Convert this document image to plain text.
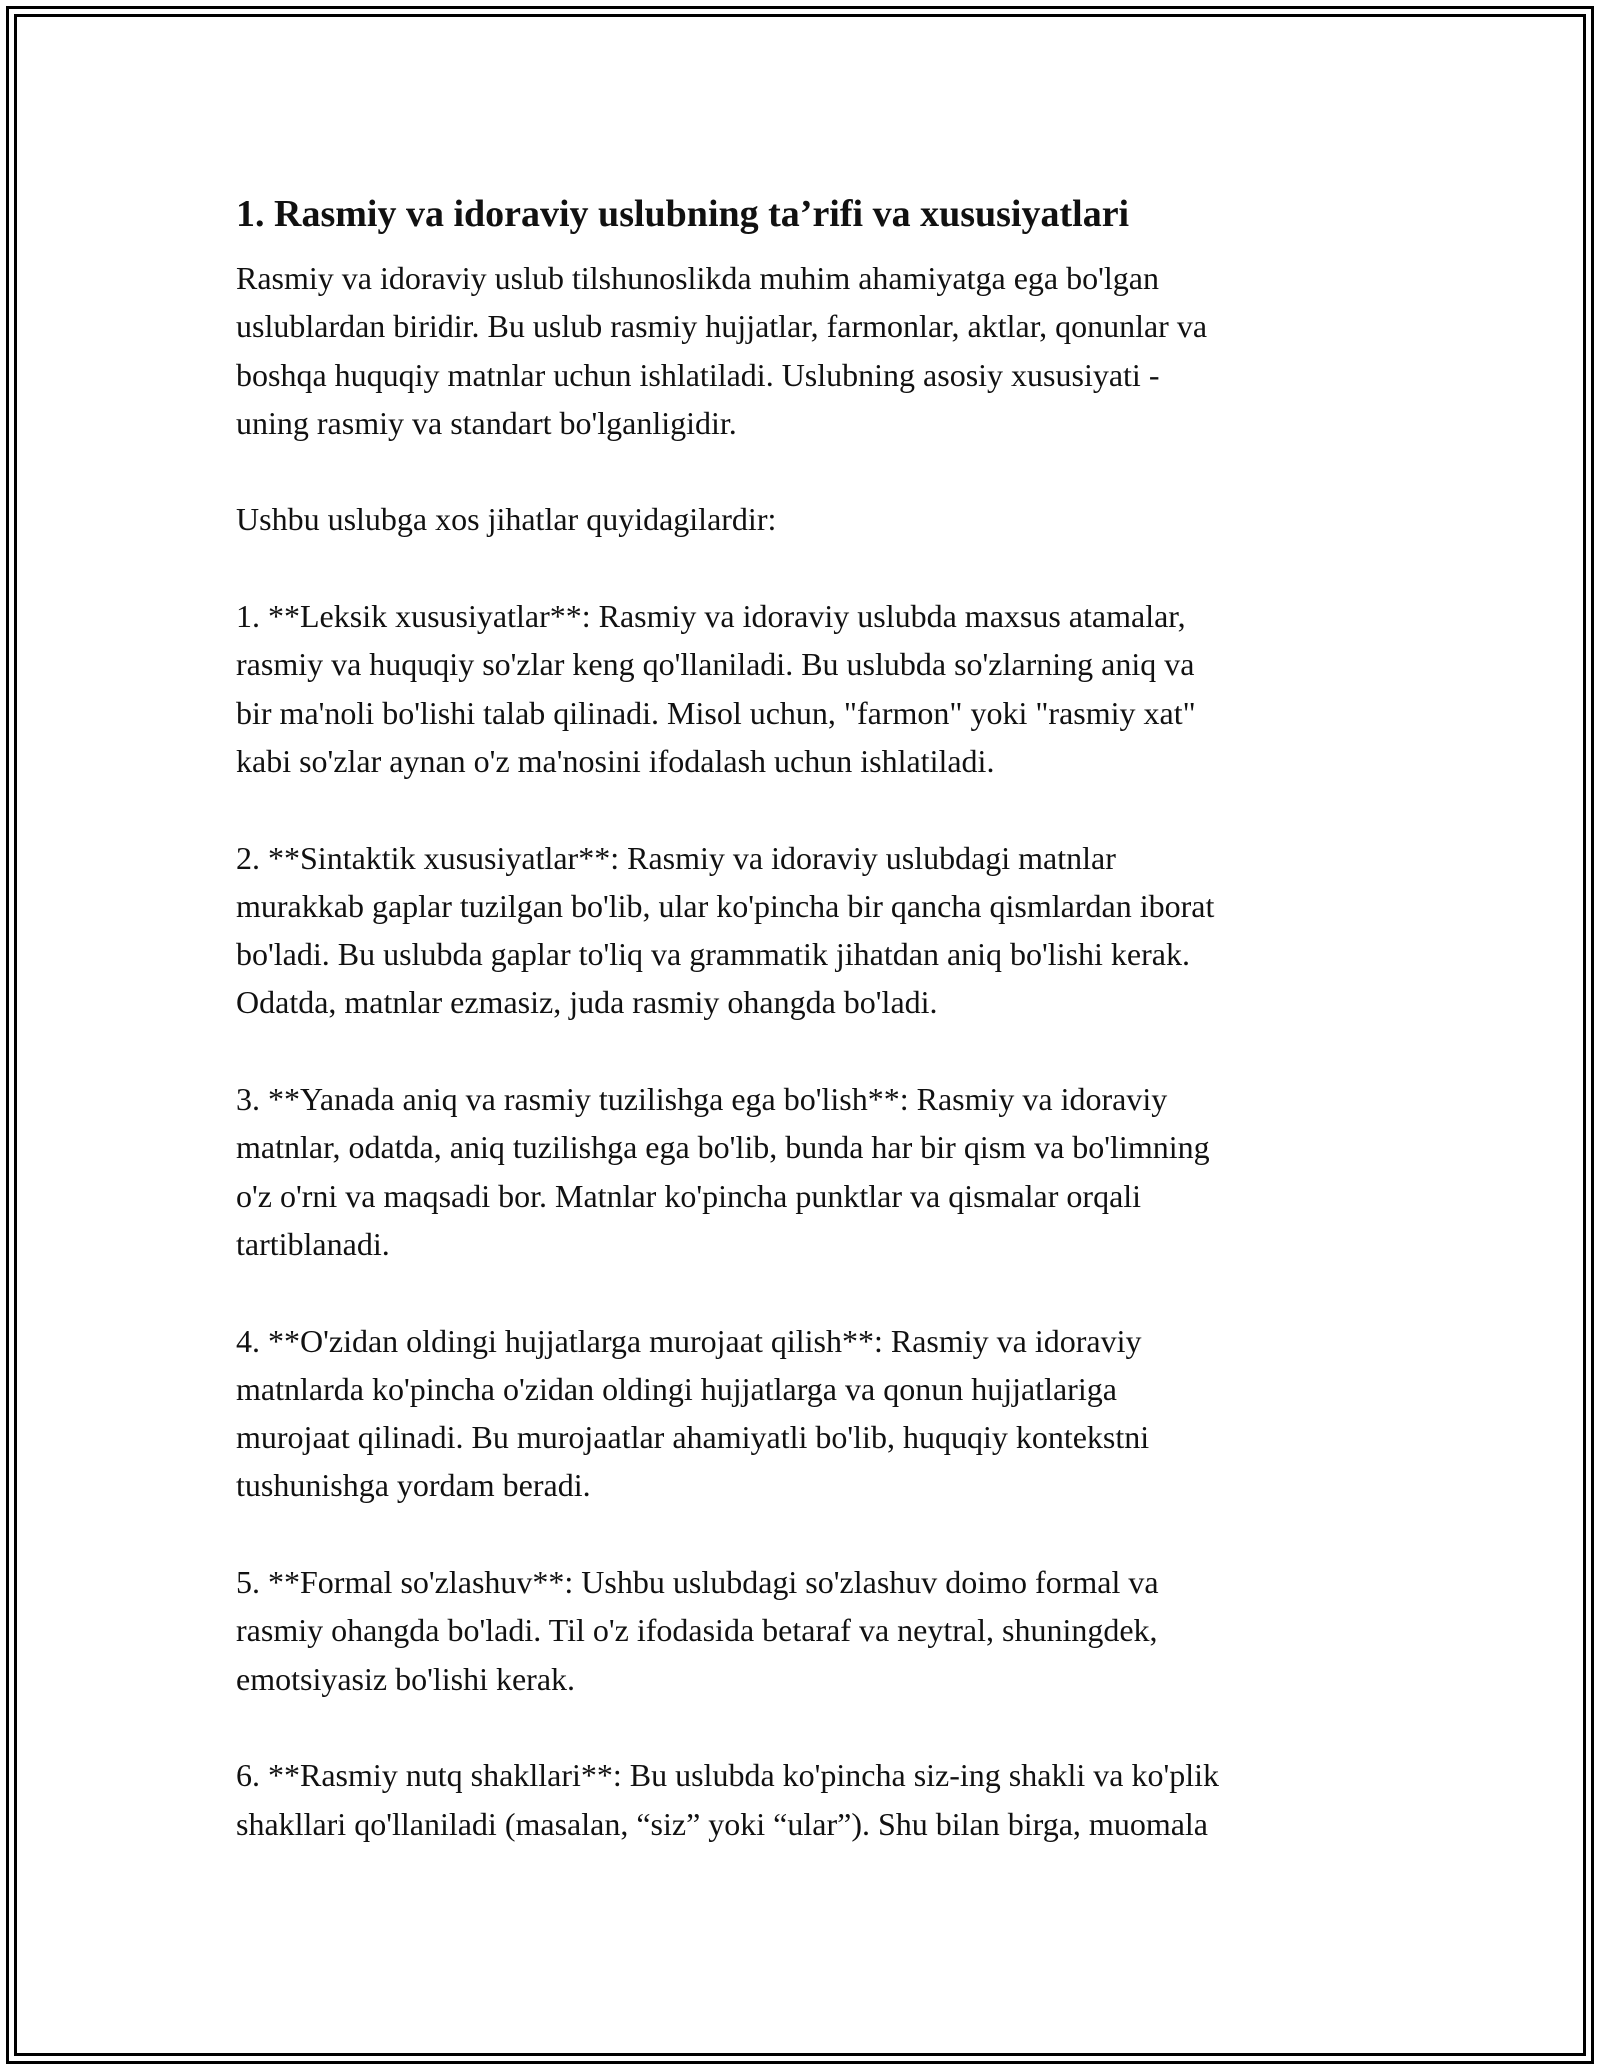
1. Rasmiy va idoraviy uslubning ta’rifi va xususiyatlari
Rasmiy va idoraviy uslub tilshunoslikda muhim ahamiyatga ega bo'lgan
uslublardan biridir. Bu uslub rasmiy hujjatlar, farmonlar, aktlar, qonunlar va
boshqa huquqiy matnlar uchun ishlatiladi. Uslubning asosiy xususiyati -
uning rasmiy va standart bo'lganligidir.
Ushbu uslubga xos jihatlar quyidagilardir:
1. **Leksik xususiyatlar**: Rasmiy va idoraviy uslubda maxsus atamalar,
rasmiy va huquqiy so'zlar keng qo'llaniladi. Bu uslubda so'zlarning aniq va
bir ma'noli bo'lishi talab qilinadi. Misol uchun, "farmon" yoki "rasmiy xat"
kabi so'zlar aynan o'z ma'nosini ifodalash uchun ishlatiladi.
2. **Sintaktik xususiyatlar**: Rasmiy va idoraviy uslubdagi matnlar
murakkab gaplar tuzilgan bo'lib, ular ko'pincha bir qancha qismlardan iborat
bo'ladi. Bu uslubda gaplar to'liq va grammatik jihatdan aniq bo'lishi kerak.
Odatda, matnlar ezmasiz, juda rasmiy ohangda bo'ladi.
3. **Yanada aniq va rasmiy tuzilishga ega bo'lish**: Rasmiy va idoraviy
matnlar, odatda, aniq tuzilishga ega bo'lib, bunda har bir qism va bo'limning
o'z o'rni va maqsadi bor. Matnlar ko'pincha punktlar va qismalar orqali
tartiblanadi.
4. **O'zidan oldingi hujjatlarga murojaat qilish**: Rasmiy va idoraviy
matnlarda ko'pincha o'zidan oldingi hujjatlarga va qonun hujjatlariga
murojaat qilinadi. Bu murojaatlar ahamiyatli bo'lib, huquqiy kontekstni
tushunishga yordam beradi.
5. **Formal so'zlashuv**: Ushbu uslubdagi so'zlashuv doimo formal va
rasmiy ohangda bo'ladi. Til o'z ifodasida betaraf va neytral, shuningdek,
emotsiyasiz bo'lishi kerak.
6. **Rasmiy nutq shakllari**: Bu uslubda ko'pincha siz-ing shakli va ko'plik
shakllari qo'llaniladi (masalan, “siz” yoki “ular”). Shu bilan birga, muomala
